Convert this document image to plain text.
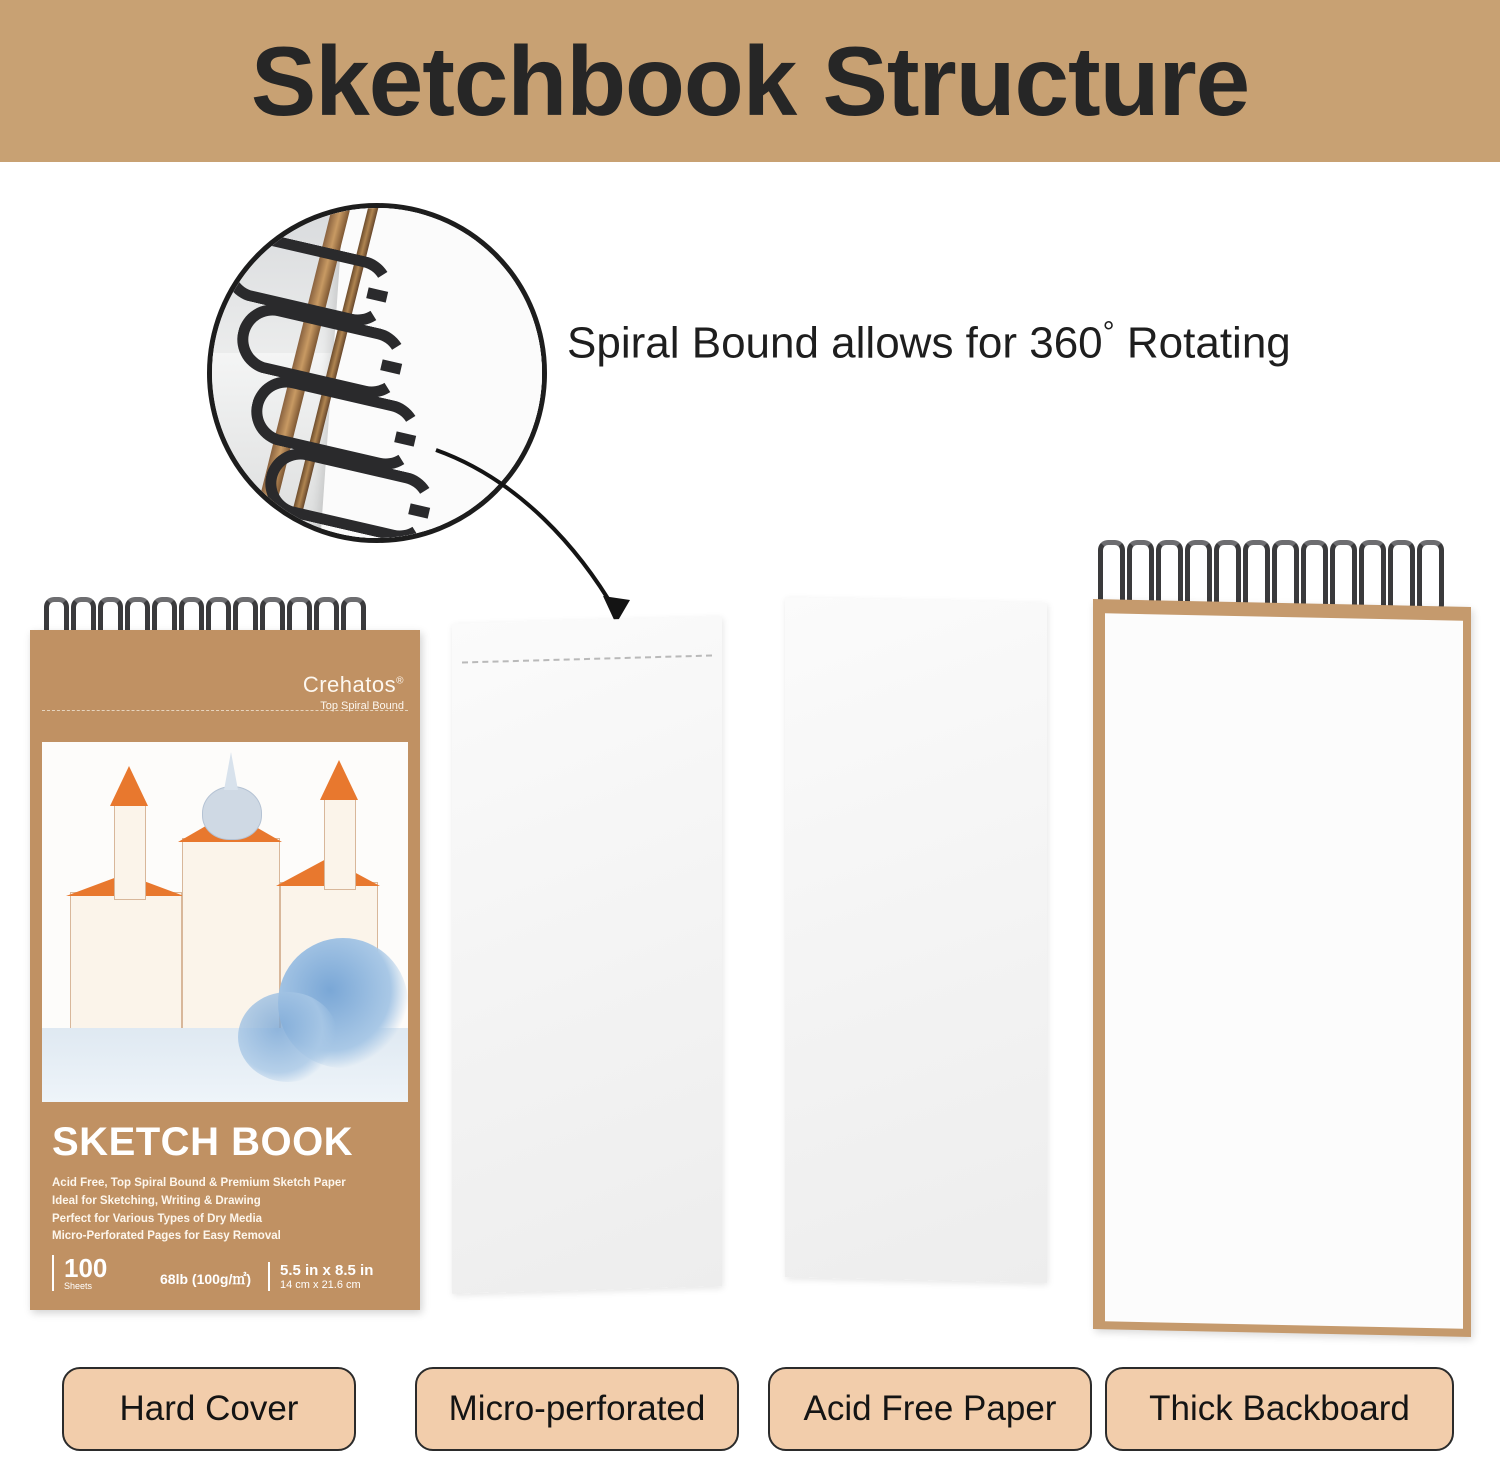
Sketchbook Structure
Spiral Bound allows for 360° Rotating
Crehatos®
Top Spiral Bound
SKETCH BOOK
Acid Free, Top Spiral Bound & Premium Sketch Paper
Ideal for Sketching, Writing & Drawing
Perfect for Various Types of Dry Media
Micro-Perforated Pages for Easy Removal
100
Sheets	68lb (100g/㎡)	5.5 in x 8.5 in
14 cm x 21.6 cm
Hard Cover	Micro-perforated	Acid Free Paper	Thick Backboard
